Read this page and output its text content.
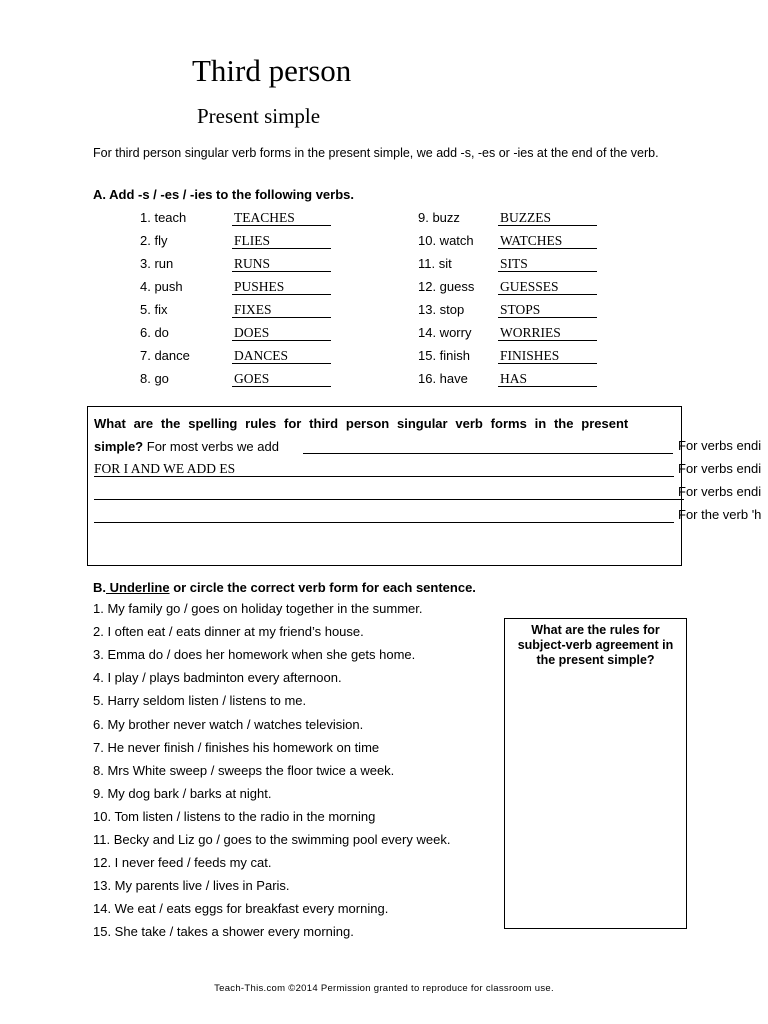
Third person
Present simple
For third person singular verb forms in the present simple, we add -s, -es or -ies at the end of the verb.
A. Add -s / -es / -ies to the following verbs.
1. teach	TEACHES
2. fly	FLIES
3. run	RUNS
4. push	PUSHES
5. fix	FIXES
6. do	DOES
7. dance	DANCES
8. go	GOES
9. buzz	BUZZES
10. watch WATCHES
11. sit	SITS
12. guess GUESSES
13. stop	STOPS
14. worry WORRIES
15. finish FINISHES
16. have HAS
What are the spelling rules for third person singular verb forms in the present
simple? For most verbs we add
FOR I AND WE ADD ES
For verbs endi
For verbs endi
For verbs endi
For the verb 'h
B. Underline or circle the correct verb form for each sentence.
1. My family go / goes on holiday together in the summer.
2. I often eat / eats dinner at my friend’s house.
3. Emma do / does her homework when she gets home.
4. I play / plays badminton every afternoon.
5. Harry seldom listen / listens to me.
6. My brother never watch / watches television.
7. He never finish / finishes his homework on time
8. Mrs White sweep / sweeps the floor twice a week.
9. My dog bark / barks at night.
10. Tom listen / listens to the radio in the morning
11. Becky and Liz go / goes to the swimming pool every week.
12. I never feed / feeds my cat.
13. My parents live / lives in Paris.
14. We eat / eats eggs for breakfast every morning.
15. She take / takes a shower every morning.
What are the rules for subject-verb agreement in the present simple?
Teach-This.com ©2014 Permission granted to reproduce for classroom use.
